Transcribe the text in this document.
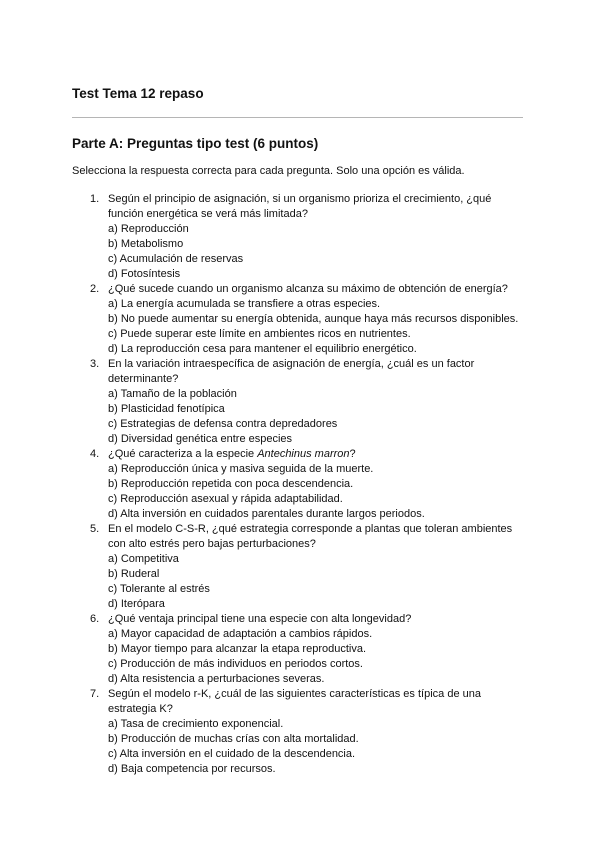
Test Tema 12 repaso
Parte A: Preguntas tipo test (6 puntos)
Selecciona la respuesta correcta para cada pregunta. Solo una opción es válida.
1. Según el principio de asignación, si un organismo prioriza el crecimiento, ¿qué función energética se verá más limitada?
a) Reproducción
b) Metabolismo
c) Acumulación de reservas
d) Fotosíntesis
2. ¿Qué sucede cuando un organismo alcanza su máximo de obtención de energía?
a) La energía acumulada se transfiere a otras especies.
b) No puede aumentar su energía obtenida, aunque haya más recursos disponibles.
c) Puede superar este límite en ambientes ricos en nutrientes.
d) La reproducción cesa para mantener el equilibrio energético.
3. En la variación intraespecífica de asignación de energía, ¿cuál es un factor determinante?
a) Tamaño de la población
b) Plasticidad fenotípica
c) Estrategias de defensa contra depredadores
d) Diversidad genética entre especies
4. ¿Qué caracteriza a la especie Antechinus marron?
a) Reproducción única y masiva seguida de la muerte.
b) Reproducción repetida con poca descendencia.
c) Reproducción asexual y rápida adaptabilidad.
d) Alta inversión en cuidados parentales durante largos periodos.
5. En el modelo C-S-R, ¿qué estrategia corresponde a plantas que toleran ambientes con alto estrés pero bajas perturbaciones?
a) Competitiva
b) Ruderal
c) Tolerante al estrés
d) Iterópara
6. ¿Qué ventaja principal tiene una especie con alta longevidad?
a) Mayor capacidad de adaptación a cambios rápidos.
b) Mayor tiempo para alcanzar la etapa reproductiva.
c) Producción de más individuos en periodos cortos.
d) Alta resistencia a perturbaciones severas.
7. Según el modelo r-K, ¿cuál de las siguientes características es típica de una estrategia K?
a) Tasa de crecimiento exponencial.
b) Producción de muchas crías con alta mortalidad.
c) Alta inversión en el cuidado de la descendencia.
d) Baja competencia por recursos.
